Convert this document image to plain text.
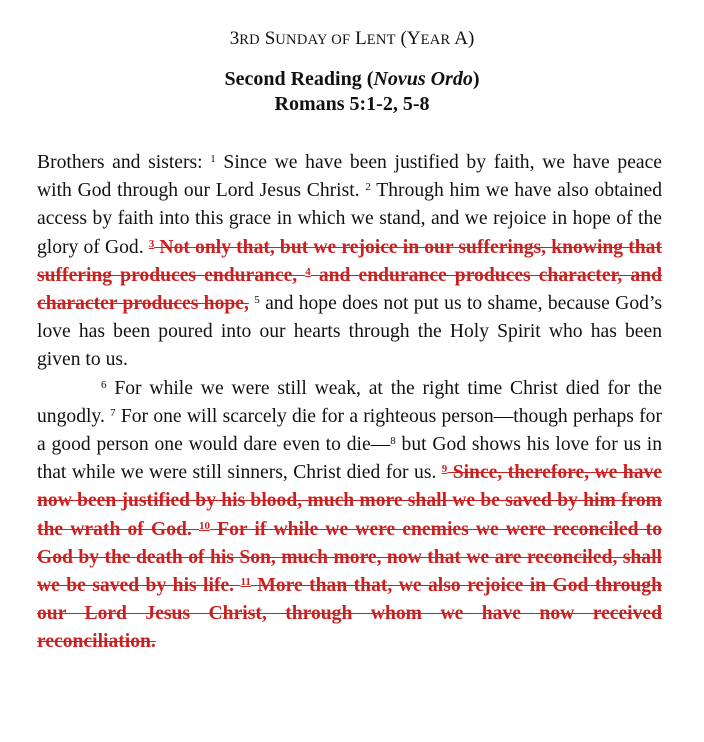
3RD SUNDAY OF LENT (YEAR A)
Second Reading (Novus Ordo)
Romans 5:1-2, 5-8

Brothers and sisters: $^1$ Since we have been justified by faith, we have peace with God through our Lord Jesus Christ. $^2$ Through him we have also obtained access by faith into this grace in which we stand, and we rejoice in hope of the glory of God. $^3$ Not only that, but we rejoice in our sufferings, knowing that suffering produces endurance, $^4$ and endurance produces character, and character produces hope, $^5$ and hope does not put us to shame, because God’s love has been poured into our hearts through the Holy Spirit who has been given to us.

$^6$ For while we were still weak, at the right time Christ died for the ungodly. $^7$ For one will scarcely die for a righteous person—though perhaps for a good person one would dare even to die—$^8$ but God shows his love for us in that while we were still sinners, Christ died for us. $^9$ Since, therefore, we have now been justified by his blood, much more shall we be saved by him from the wrath of God. $^{10}$ For if while we were enemies we were reconciled to God by the death of his Son, much more, now that we are reconciled, shall we be saved by his life. $^{11}$ More than that, we also rejoice in God through our Lord Jesus Christ, through whom we have now received reconciliation.
